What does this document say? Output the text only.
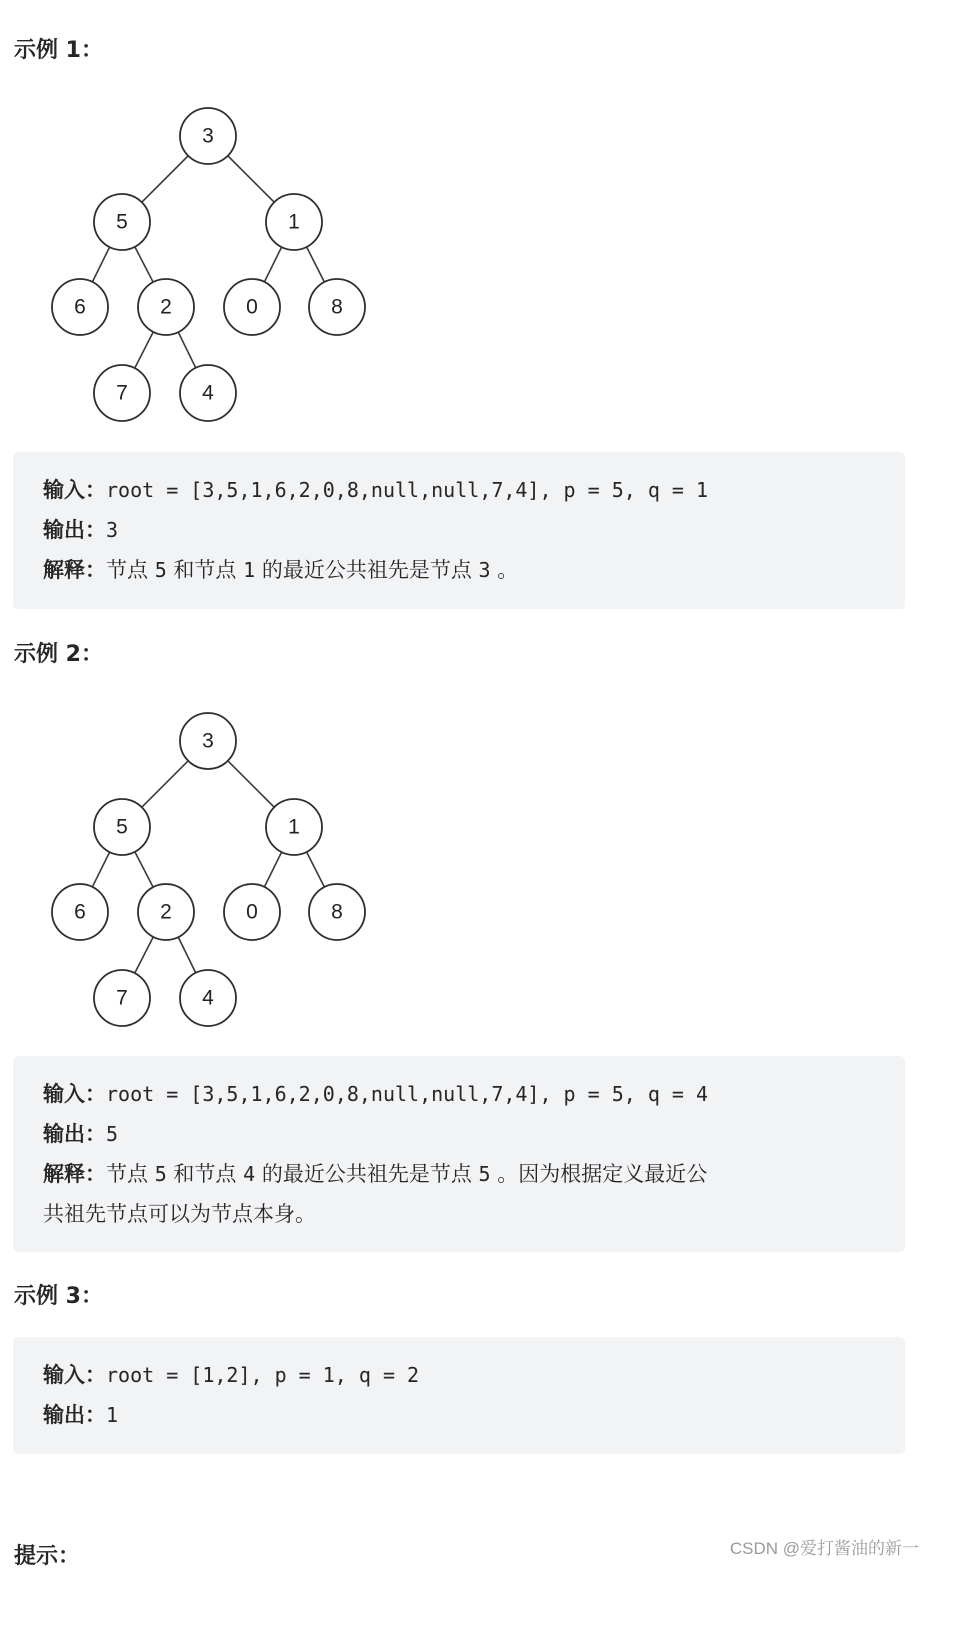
示例 1：
3
5	1
6	2	0	8
7	4
输入：root = [3,5,1,6,2,0,8,null,null,7,4], p = 5, q = 1
输出：3
解释：节点 5 和节点 1 的最近公共祖先是节点 3 。
示例 2：
3
5	1
6	2	0	8
7	4
输入：root = [3,5,1,6,2,0,8,null,null,7,4], p = 5, q = 4
输出：5
解释：节点 5 和节点 4 的最近公共祖先是节点 5 。因为根据定义最近公
共祖先节点可以为节点本身。
示例 3：
输入：root = [1,2], p = 1, q = 2
输出：1
提示：	CSDN @爱打酱油的新一
